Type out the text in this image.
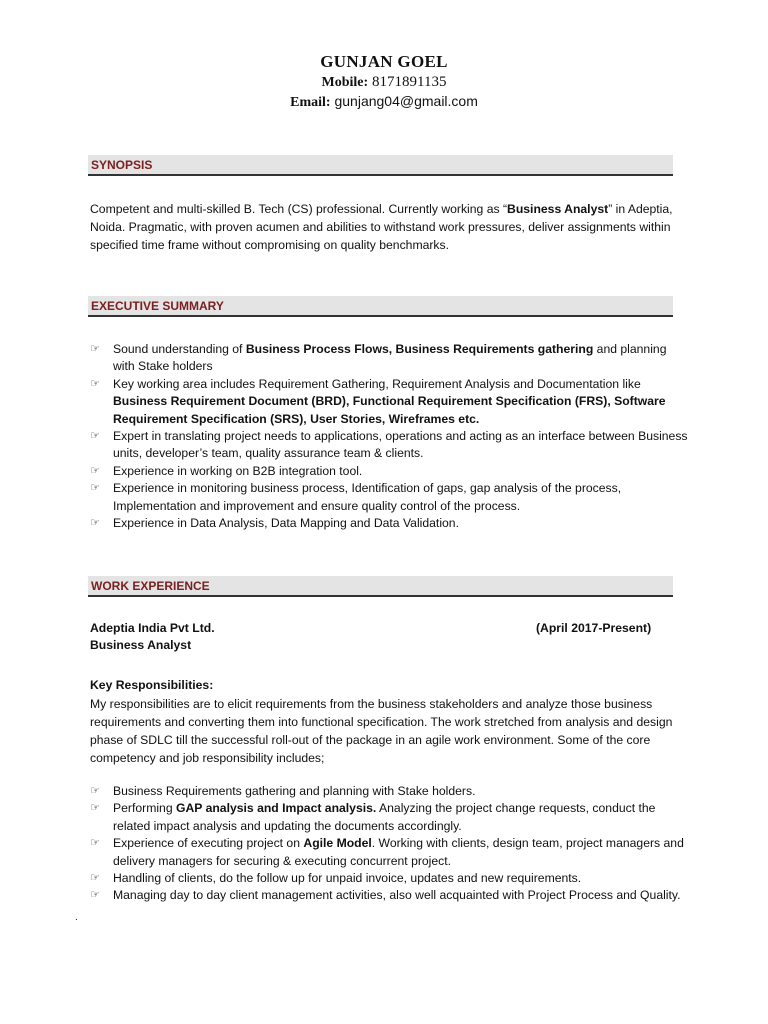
GUNJAN GOEL
Mobile: 8171891135
Email: gunjang04@gmail.com
SYNOPSIS
Competent and multi-skilled B. Tech (CS) professional. Currently working as “Business Analyst” in Adeptia, Noida. Pragmatic, with proven acumen and abilities to withstand work pressures, deliver assignments within specified time frame without compromising on quality benchmarks.
EXECUTIVE SUMMARY
☞ Sound understanding of Business Process Flows, Business Requirements gathering and planning with Stake holders
☞ Key working area includes Requirement Gathering, Requirement Analysis and Documentation like Business Requirement Document (BRD), Functional Requirement Specification (FRS), Software Requirement Specification (SRS), User Stories, Wireframes etc.
☞ Expert in translating project needs to applications, operations and acting as an interface between Business units, developer’s team, quality assurance team & clients.
☞ Experience in working on B2B integration tool.
☞ Experience in monitoring business process, Identification of gaps, gap analysis of the process, Implementation and improvement and ensure quality control of the process.
☞ Experience in Data Analysis, Data Mapping and Data Validation.
WORK EXPERIENCE
Adeptia India Pvt Ltd.	(April 2017-Present)
Business Analyst
Key Responsibilities:
My responsibilities are to elicit requirements from the business stakeholders and analyze those business requirements and converting them into functional specification. The work stretched from analysis and design phase of SDLC till the successful roll-out of the package in an agile work environment. Some of the core competency and job responsibility includes;
☞ Business Requirements gathering and planning with Stake holders.
☞ Performing GAP analysis and Impact analysis. Analyzing the project change requests, conduct the related impact analysis and updating the documents accordingly.
☞ Experience of executing project on Agile Model. Working with clients, design team, project managers and delivery managers for securing & executing concurrent project.
☞ Handling of clients, do the follow up for unpaid invoice, updates and new requirements.
☞ Managing day to day client management activities, also well acquainted with Project Process and Quality.
.
